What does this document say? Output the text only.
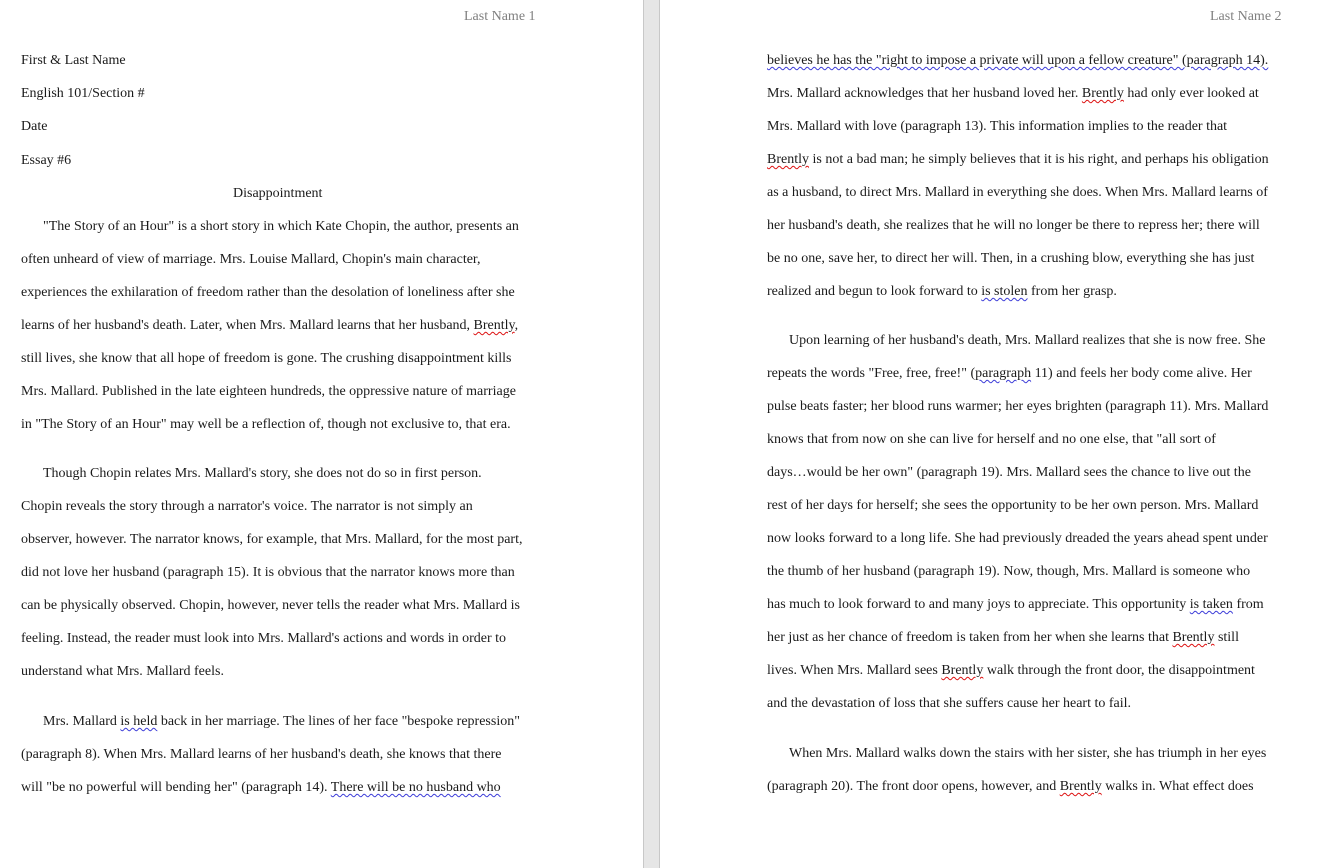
Last Name 1
First & Last Name
English 101/Section #
Date
Essay #6
Disappointment
"The Story of an Hour" is a short story in which Kate Chopin, the author, presents an
often unheard of view of marriage. Mrs. Louise Mallard, Chopin's main character,
experiences the exhilaration of freedom rather than the desolation of loneliness after she
learns of her husband's death. Later, when Mrs. Mallard learns that her husband, Brently,
still lives, she know that all hope of freedom is gone. The crushing disappointment kills
Mrs. Mallard. Published in the late eighteen hundreds, the oppressive nature of marriage
in "The Story of an Hour" may well be a reflection of, though not exclusive to, that era.
Though Chopin relates Mrs. Mallard's story, she does not do so in first person.
Chopin reveals the story through a narrator's voice. The narrator is not simply an
observer, however. The narrator knows, for example, that Mrs. Mallard, for the most part,
did not love her husband (paragraph 15). It is obvious that the narrator knows more than
can be physically observed. Chopin, however, never tells the reader what Mrs. Mallard is
feeling. Instead, the reader must look into Mrs. Mallard's actions and words in order to
understand what Mrs. Mallard feels.
Mrs. Mallard is held back in her marriage. The lines of her face "bespoke repression"
(paragraph 8). When Mrs. Mallard learns of her husband's death, she knows that there
will "be no powerful will bending her" (paragraph 14). There will be no husband who
Last Name 2
believes he has the "right to impose a private will upon a fellow creature" (paragraph 14).
Mrs. Mallard acknowledges that her husband loved her. Brently had only ever looked at
Mrs. Mallard with love (paragraph 13). This information implies to the reader that
Brently is not a bad man; he simply believes that it is his right, and perhaps his obligation
as a husband, to direct Mrs. Mallard in everything she does. When Mrs. Mallard learns of
her husband's death, she realizes that he will no longer be there to repress her; there will
be no one, save her, to direct her will. Then, in a crushing blow, everything she has just
realized and begun to look forward to is stolen from her grasp.
Upon learning of her husband's death, Mrs. Mallard realizes that she is now free. She
repeats the words "Free, free, free!" (paragraph 11) and feels her body come alive. Her
pulse beats faster; her blood runs warmer; her eyes brighten (paragraph 11). Mrs. Mallard
knows that from now on she can live for herself and no one else, that "all sort of
days…would be her own" (paragraph 19). Mrs. Mallard sees the chance to live out the
rest of her days for herself; she sees the opportunity to be her own person. Mrs. Mallard
now looks forward to a long life. She had previously dreaded the years ahead spent under
the thumb of her husband (paragraph 19). Now, though, Mrs. Mallard is someone who
has much to look forward to and many joys to appreciate. This opportunity is taken from
her just as her chance of freedom is taken from her when she learns that Brently still
lives. When Mrs. Mallard sees Brently walk through the front door, the disappointment
and the devastation of loss that she suffers cause her heart to fail.
When Mrs. Mallard walks down the stairs with her sister, she has triumph in her eyes
(paragraph 20). The front door opens, however, and Brently walks in. What effect does
